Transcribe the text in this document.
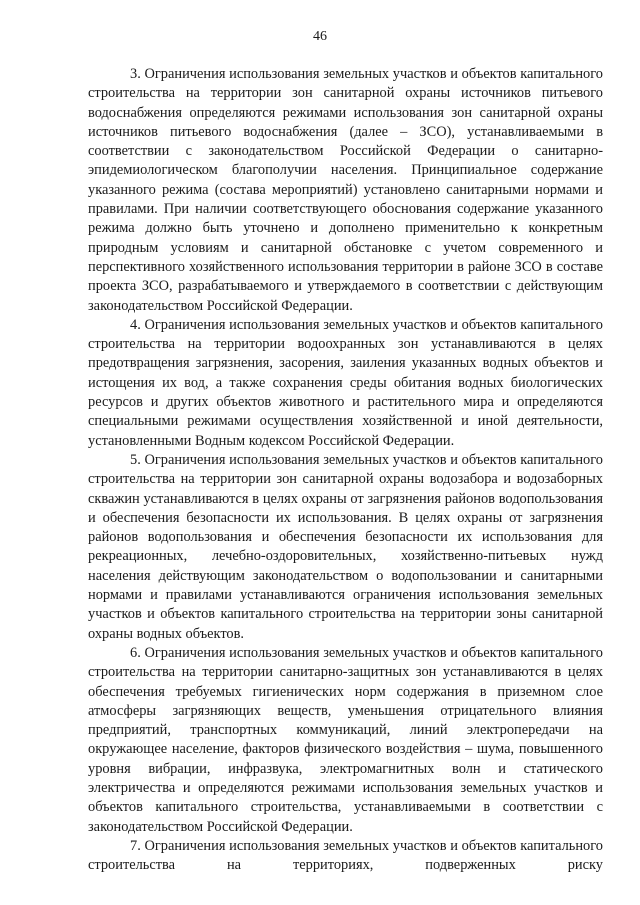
46

3. Ограничения использования земельных участков и объектов капитального строительства на территории зон санитарной охраны источников питьевого водоснабжения определяются режимами использования зон санитарной охраны источников питьевого водоснабжения (далее – ЗСО), устанавливаемыми в соответствии с законодательством Российской Федерации о санитарно-эпидемиологическом благополучии населения. Принципиальное содержание указанного режима (состава мероприятий) установлено санитарными нормами и правилами. При наличии соответствующего обоснования содержание указанного режима должно быть уточнено и дополнено применительно к конкретным природным условиям и санитарной обстановке с учетом современного и перспективного хозяйственного использования территории в районе ЗСО в составе проекта ЗСО, разрабатываемого и утверждаемого в соответствии с действующим законодательством Российской Федерации.

4. Ограничения использования земельных участков и объектов капитального строительства на территории водоохранных зон устанавливаются в целях предотвращения загрязнения, засорения, заиления указанных водных объектов и истощения их вод, а также сохранения среды обитания водных биологических ресурсов и других объектов животного и растительного мира и определяются специальными режимами осуществления хозяйственной и иной деятельности, установленными Водным кодексом Российской Федерации.

5. Ограничения использования земельных участков и объектов капитального строительства на территории зон санитарной охраны водозабора и водозаборных скважин устанавливаются в целях охраны от загрязнения районов водопользования и обеспечения безопасности их использования. В целях охраны от загрязнения районов водопользования и обеспечения безопасности их использования для рекреационных, лечебно-оздоровительных, хозяйственно-питьевых нужд населения действующим законодательством о водопользовании и санитарными нормами и правилами устанавливаются ограничения использования земельных участков и объектов капитального строительства на территории зоны санитарной охраны водных объектов.

6. Ограничения использования земельных участков и объектов капитального строительства на территории санитарно-защитных зон устанавливаются в целях обеспечения требуемых гигиенических норм содержания в приземном слое атмосферы загрязняющих веществ, уменьшения отрицательного влияния предприятий, транспортных коммуникаций, линий электропередачи на окружающее население, факторов физического воздействия – шума, повышенного уровня вибрации, инфразвука, электромагнитных волн и статического электричества и определяются режимами использования земельных участков и объектов капитального строительства, устанавливаемыми в соответствии с законодательством Российской Федерации.

7. Ограничения использования земельных участков и объектов капитального строительства на территориях, подверженных риску
